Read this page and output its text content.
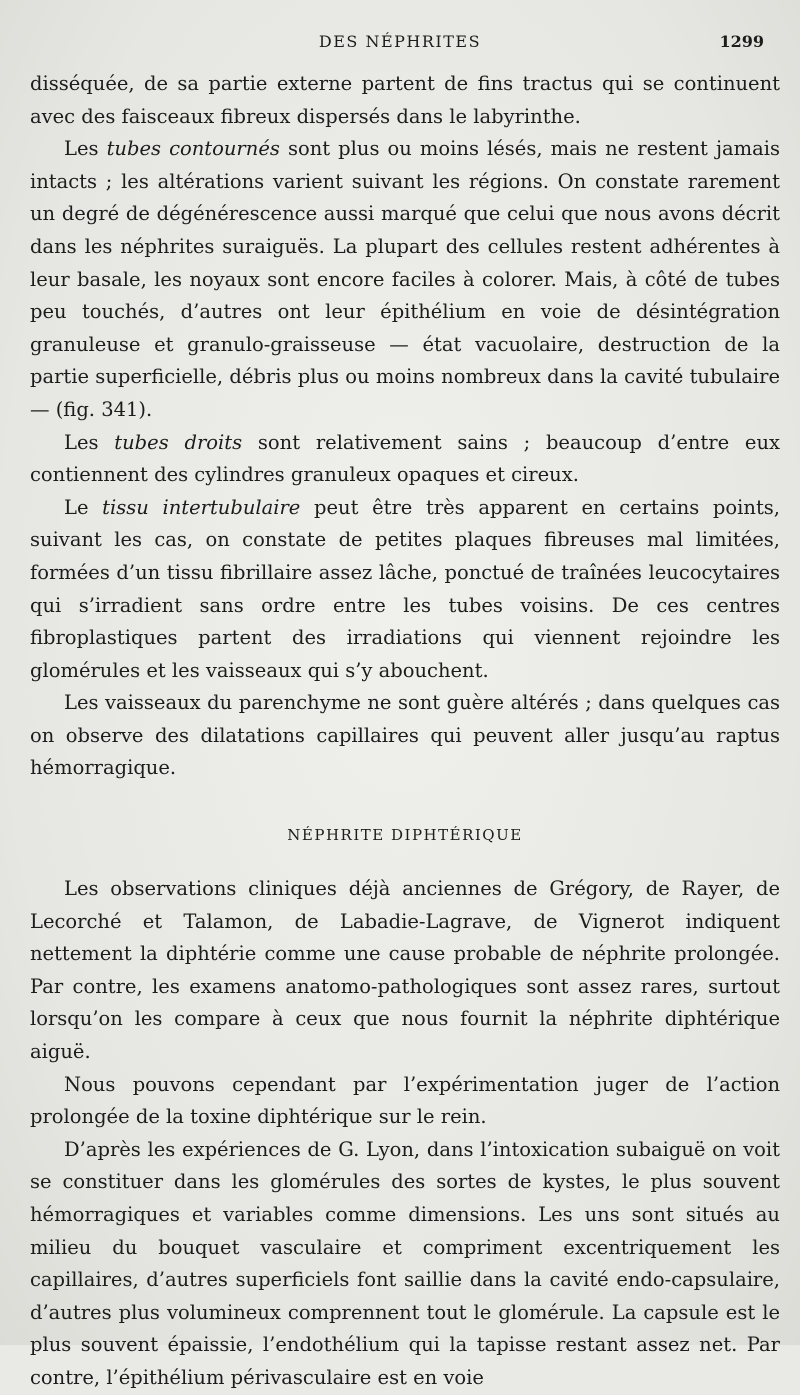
DES NÉPHRITES	1299

disséquée, de sa partie externe partent de fins tractus qui se continuent avec des faisceaux fibreux dispersés dans le labyrinthe.

Les tubes contournés sont plus ou moins lésés, mais ne restent jamais intacts ; les altérations varient suivant les régions. On constate rarement un degré de dégénérescence aussi marqué que celui que nous avons décrit dans les néphrites suraiguës. La plupart des cellules restent adhérentes à leur basale, les noyaux sont encore faciles à colorer. Mais, à côté de tubes peu touchés, d’autres ont leur épithélium en voie de désintégration granuleuse et granulo-graisseuse — état vacuolaire, destruction de la partie superficielle, débris plus ou moins nombreux dans la cavité tubulaire — (fig. 341).

Les tubes droits sont relativement sains ; beaucoup d’entre eux contiennent des cylindres granuleux opaques et cireux.

Le tissu intertubulaire peut être très apparent en certains points, suivant les cas, on constate de petites plaques fibreuses mal limitées, formées d’un tissu fibrillaire assez lâche, ponctué de traînées leucocytaires qui s’irradient sans ordre entre les tubes voisins. De ces centres fibroplastiques partent des irradiations qui viennent rejoindre les glomérules et les vaisseaux qui s’y abouchent.

Les vaisseaux du parenchyme ne sont guère altérés ; dans quelques cas on observe des dilatations capillaires qui peuvent aller jusqu’au raptus hémorragique.

NÉPHRITE DIPHTÉRIQUE

Les observations cliniques déjà anciennes de Grégory, de Rayer, de Lecorché et Talamon, de Labadie-Lagrave, de Vignerot indiquent nettement la diphtérie comme une cause probable de néphrite prolongée. Par contre, les examens anatomo-pathologiques sont assez rares, surtout lorsqu’on les compare à ceux que nous fournit la néphrite diphtérique aiguë.

Nous pouvons cependant par l’expérimentation juger de l’action prolongée de la toxine diphtérique sur le rein.

D’après les expériences de G. Lyon, dans l’intoxication subaiguë on voit se constituer dans les glomérules des sortes de kystes, le plus souvent hémorragiques et variables comme dimensions. Les uns sont situés au milieu du bouquet vasculaire et compriment excentriquement les capillaires, d’autres superficiels font saillie dans la cavité endo-capsulaire, d’autres plus volumineux comprennent tout le glomérule. La capsule est le plus souvent épaissie, l’endothélium qui la tapisse restant assez net. Par contre, l’épithélium périvasculaire est en voie
